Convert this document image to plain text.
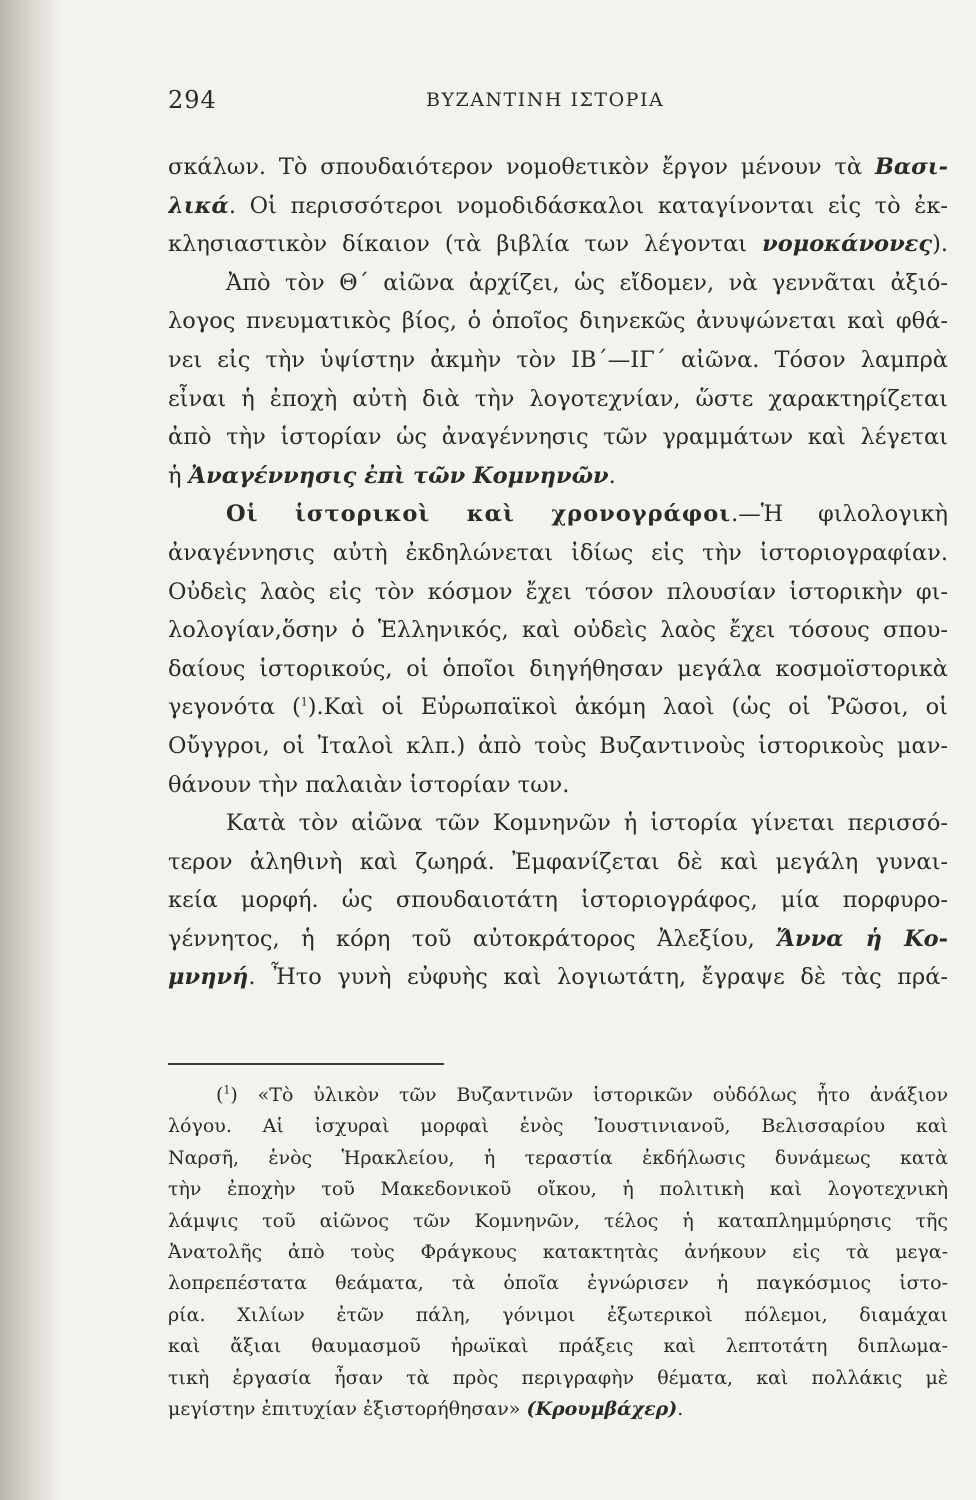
294	ΒΥΖΑΝΤΙΝΗ ΙΣΤΟΡΙΑ
σκάλων. Τὸ σπουδαιότερον νομοθετικὸν ἔργον μένουν τὰ Βασι-
λικά. Οἱ περισσότεροι νομοδιδάσκαλοι καταγίνονται εἰς τὸ ἐκ-
κλησιαστικὸν δίκαιον (τὰ βιβλία των λέγονται νομοκάνονες).
Ἀπὸ τὸν Θ΄ αἰῶνα ἀρχίζει, ὡς εἴδομεν, νὰ γεννᾶται ἀξιό-
λογος πνευματικὸς βίος, ὁ ὁποῖος διηνεκῶς ἀνυψώνεται καὶ φθά-
νει εἰς τὴν ὑψίστην ἀκμὴν τὸν ΙΒ΄—ΙΓ΄ αἰῶνα. Τόσον λαμπρὰ
εἶναι ἡ ἐποχὴ αὐτὴ διὰ τὴν λογοτεχνίαν, ὥστε χαρακτηρίζεται
ἀπὸ τὴν ἱστορίαν ὡς ἀναγέννησις τῶν γραμμάτων καὶ λέγεται
ἡ Ἀναγέννησις ἐπὶ τῶν Κομνηνῶν.
Οἱ ἱστορικοὶ καὶ χρονογράφοι.—Ἡ φιλολογικὴ
ἀναγέννησις αὐτὴ ἐκδηλώνεται ἰδίως εἰς τὴν ἱστοριογραφίαν.
Οὐδεὶς λαὸς εἰς τὸν κόσμον ἔχει τόσον πλουσίαν ἱστορικὴν φι-
λολογίαν,ὅσην ὁ Ἑλληνικός, καὶ οὐδεὶς λαὸς ἔχει τόσους σπου-
δαίους ἱστορικούς, οἱ ὁποῖοι διηγήθησαν μεγάλα κοσμοϊστορικὰ
γεγονότα ($^1$).Καὶ οἱ Εὐρωπαϊκοὶ ἀκόμη λαοὶ (ὡς οἱ Ῥῶσοι, οἱ
Οὔγγροι, οἱ Ἰταλοὶ κλπ.) ἀπὸ τοὺς Βυζαντινοὺς ἱστορικοὺς μαν-
θάνουν τὴν παλαιὰν ἱστορίαν των.
Κατὰ τὸν αἰῶνα τῶν Κομνηνῶν ἡ ἱστορία γίνεται περισσό-
τερον ἀληθινὴ καὶ ζωηρά. Ἐμφανίζεται δὲ καὶ μεγάλη γυναι-
κεία μορφή. ὡς σπουδαιοτάτη ἱστοριογράφος, μία πορφυρο-
γέννητος, ἡ κόρη τοῦ αὐτοκράτορος Ἀλεξίου, Ἄννα ἡ Κο-
μνηνή. Ἦτο γυνὴ εὐφυὴς καὶ λογιωτάτη, ἔγραψε δὲ τὰς πρά-
($^1$) «Τὸ ὑλικὸν τῶν Βυζαντινῶν ἱστορικῶν οὐδόλως ἦτο ἀνάξιον
λόγου. Αἱ ἰσχυραὶ μορφαὶ ἑνὸς Ἰουστινιανοῦ, Βελισσαρίου καὶ
Ναρσῆ, ἑνὸς Ἡρακλείου, ἡ τεραστία ἐκδήλωσις δυνάμεως κατὰ
τὴν ἐποχὴν τοῦ Μακεδονικοῦ οἴκου, ἡ πολιτικὴ καὶ λογοτεχνικὴ
λάμψις τοῦ αἰῶνος τῶν Κομνηνῶν, τέλος ἡ καταπλημμύρησις τῆς
Ἀνατολῆς ἀπὸ τοὺς Φράγκους κατακτητὰς ἀνήκουν εἰς τὰ μεγα-
λοπρεπέστατα θεάματα, τὰ ὁποῖα ἐγνώρισεν ἡ παγκόσμιος ἱστο-
ρία. Χιλίων ἐτῶν πάλη, γόνιμοι ἐξωτερικοὶ πόλεμοι, διαμάχαι
καὶ ἄξιαι θαυμασμοῦ ἡρωϊκαὶ πράξεις καὶ λεπτοτάτη διπλωμα-
τικὴ ἐργασία ἦσαν τὰ πρὸς περιγραφὴν θέματα, καὶ πολλάκις μὲ
μεγίστην ἐπιτυχίαν ἐξιστορήθησαν» (Κρουμβάχερ).
